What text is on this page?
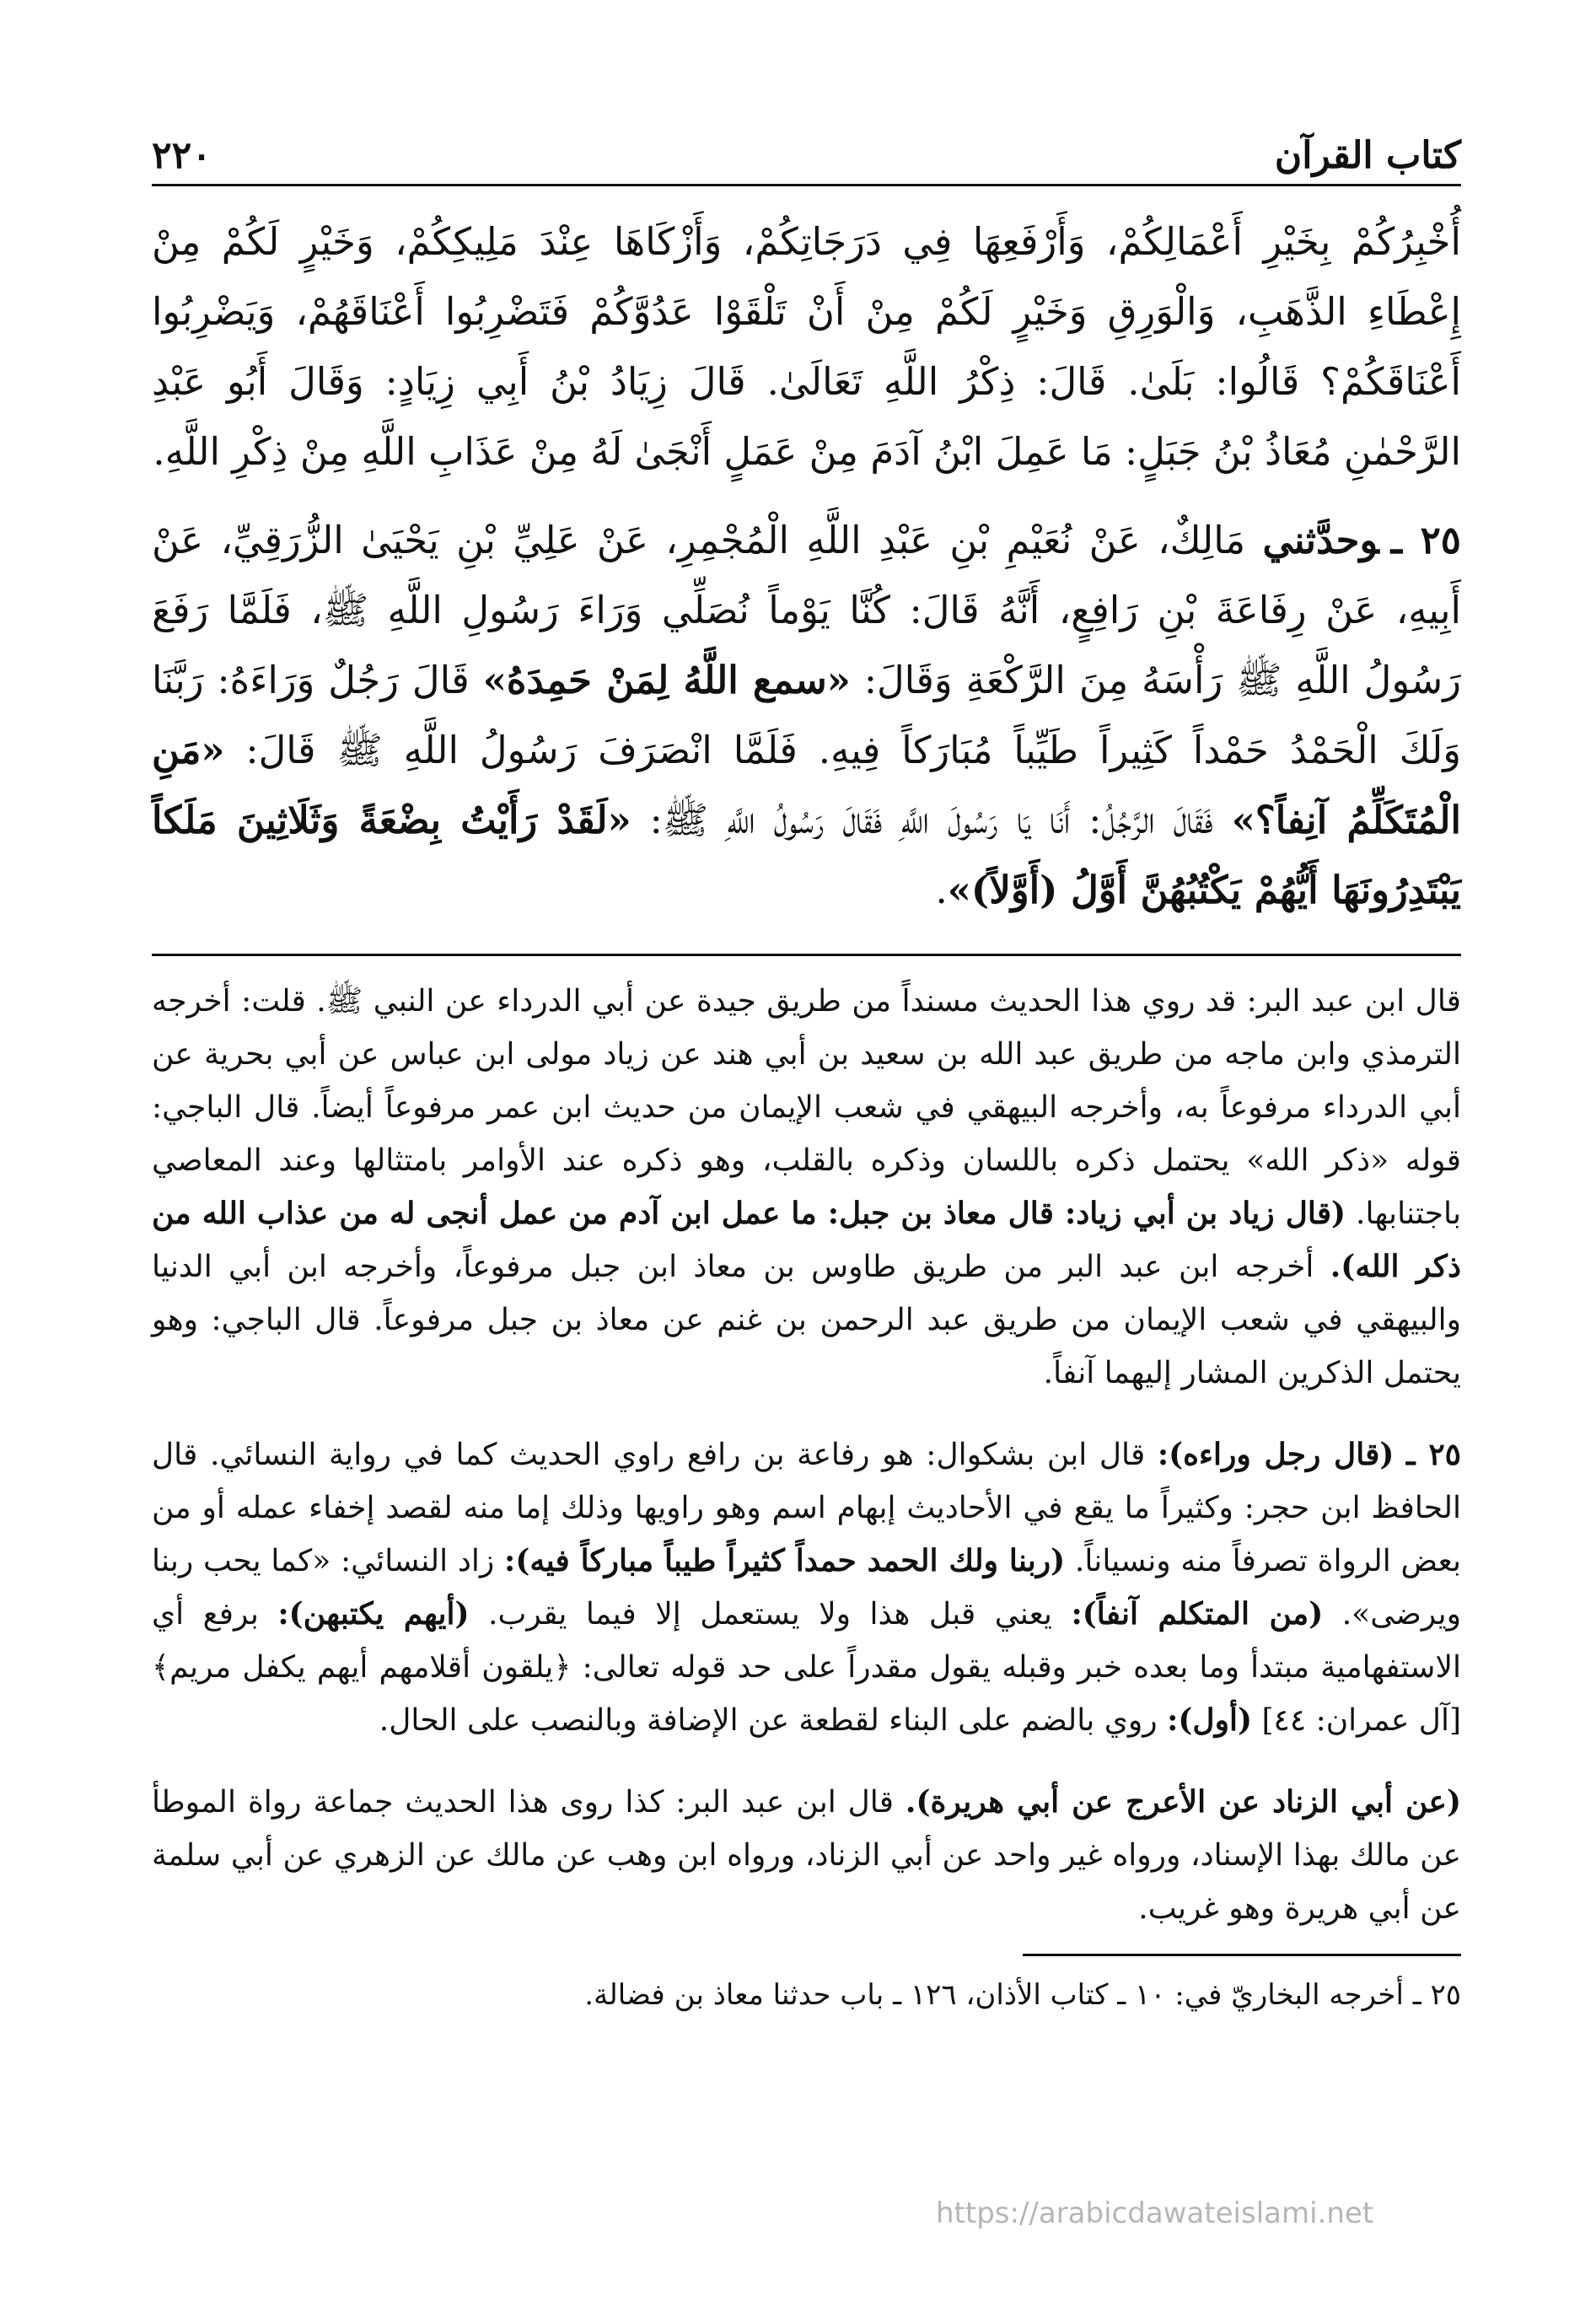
كتاب القرآن
٢٢٠

أُخْبِرُكُمْ بِخَيْرِ أَعْمَالِكُمْ، وَأَرْفَعِهَا فِي دَرَجَاتِكُمْ، وَأَزْكَاهَا عِنْدَ مَلِيكِكُمْ، وَخَيْرٍ لَكُمْ مِنْ إِعْطَاءِ الذَّهَبِ، وَالْوَرِقِ وَخَيْرٍ لَكُمْ مِنْ أَنْ تَلْقَوْا عَدُوَّكُمْ فَتَضْرِبُوا أَعْنَاقَهُمْ، وَيَضْرِبُوا أَعْنَاقَكُمْ؟ قَالُوا: بَلَىٰ. قَالَ: ذِكْرُ اللَّهِ تَعَالَىٰ. قَالَ زِيَادُ بْنُ أَبِي زِيَادٍ: وَقَالَ أَبُو عَبْدِ الرَّحْمٰنِ مُعَاذُ بْنُ جَبَلٍ: مَا عَمِلَ ابْنُ آدَمَ مِنْ عَمَلٍ أَنْجَىٰ لَهُ مِنْ عَذَابِ اللَّهِ مِنْ ذِكْرِ اللَّهِ.

٢٥ ـوحدَّثني مَالِكٌ، عَنْ نُعَيْمِ بْنِ عَبْدِ اللَّهِ الْمُجْمِرِ، عَنْ عَلِيِّ بْنِ يَحْيَىٰ الزُّرَقِيِّ، عَنْ أَبِيهِ، عَنْ رِفَاعَةَ بْنِ رَافِعٍ، أَنَّهُ قَالَ: كُنَّا يَوْماً نُصَلِّي وَرَاءَ رَسُولِ اللَّهِ ﷺ، فَلَمَّا رَفَعَ رَسُولُ اللَّهِ ﷺ رَأْسَهُ مِنَ الرَّكْعَةِ وَقَالَ: «سمع اللَّهُ لِمَنْ حَمِدَهُ» قَالَ رَجُلٌ وَرَاءَهُ: رَبَّنَا وَلَكَ الْحَمْدُ حَمْداً كَثِيراً طَيِّباً مُبَارَكاً فِيهِ. فَلَمَّا انْصَرَفَ رَسُولُ اللَّهِ ﷺ قَالَ: «مَنِ الْمُتَكَلِّمُ آنِفاً؟» فَقَالَ الرَّجُلُ: أَنَا يَا رَسُولَ اللَّهِ فَقَالَ رَسُولُ اللَّهِ ﷺ: «لَقَدْ رَأَيْتُ بِضْعَةً وَثَلَاثِينَ مَلَكاً يَبْتَدِرُونَهَا أَيُّهُمْ يَكْتُبُهُنَّ أَوَّلُ (أَوَّلاً)».

قال ابن عبد البر: قد روي هذا الحديث مسنداً من طريق جيدة عن أبي الدرداء عن النبي ﷺ. قلت: أخرجه الترمذي وابن ماجه من طريق عبد الله بن سعيد بن أبي هند عن زياد مولى ابن عباس عن أبي بحرية عن أبي الدرداء مرفوعاً به، وأخرجه البيهقي في شعب الإيمان من حديث ابن عمر مرفوعاً أيضاً. قال الباجي: قوله «ذكر الله» يحتمل ذكره باللسان وذكره بالقلب، وهو ذكره عند الأوامر بامتثالها وعند المعاصي باجتنابها. (قال زياد بن أبي زياد: قال معاذ بن جبل: ما عمل ابن آدم من عمل أنجى له من عذاب الله من ذكر الله). أخرجه ابن عبد البر من طريق طاوس بن معاذ ابن جبل مرفوعاً، وأخرجه ابن أبي الدنيا والبيهقي في شعب الإيمان من طريق عبد الرحمن بن غنم عن معاذ بن جبل مرفوعاً. قال الباجي: وهو يحتمل الذكرين المشار إليهما آنفاً.

٢٥ ـ (قال رجل وراءه): قال ابن بشكوال: هو رفاعة بن رافع راوي الحديث كما في رواية النسائي. قال الحافظ ابن حجر: وكثيراً ما يقع في الأحاديث إبهام اسم وهو راويها وذلك إما منه لقصد إخفاء عمله أو من بعض الرواة تصرفاً منه ونسياناً. (ربنا ولك الحمد حمداً كثيراً طيباً مباركاً فيه): زاد النسائي: «كما يحب ربنا ويرضى». (من المتكلم آنفاً): يعني قبل هذا ولا يستعمل إلا فيما يقرب. (أيهم يكتبهن): برفع أي الاستفهامية مبتدأ وما بعده خبر وقبله يقول مقدراً على حد قوله تعالى: ﴿يلقون أقلامهم أيهم يكفل مريم﴾ [آل عمران: ٤٤] (أول): روي بالضم على البناء لقطعة عن الإضافة وبالنصب على الحال.

(عن أبي الزناد عن الأعرج عن أبي هريرة). قال ابن عبد البر: كذا روى هذا الحديث جماعة رواة الموطأ عن مالك بهذا الإسناد، ورواه غير واحد عن أبي الزناد، ورواه ابن وهب عن مالك عن الزهري عن أبي سلمة عن أبي هريرة وهو غريب.

٢٥ ـ أخرجه البخاريّ في: ١٠ ـ كتاب الأذان، ١٢٦ ـ باب حدثنا معاذ بن فضالة.

https://arabicdawateislami.net
